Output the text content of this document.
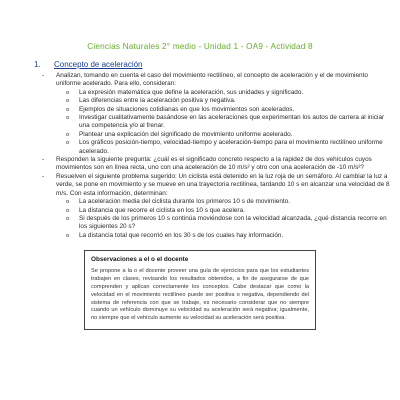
Ciencias Naturales 2° medio - Unidad 1 - OA9 - Actividad 8
1. Concepto de aceleración

- Analizan, tomando en cuenta el caso del movimiento rectilíneo, el concepto de aceleración y el de movimiento uniforme acelerado. Para ello, consideran:

o La expresión matemática que define la aceleración, sus unidades y significado.

o Las diferencias entre la aceleración positiva y negativa.

o Ejemplos de situaciones cotidianas en que los movimientos son acelerados.

o Investigar cualitativamente basándose en las aceleraciones que experimentan los autos de carrera al iniciar una competencia y/o al frenar.

o Plantear una explicación del significado de movimiento uniforme acelerado.

o Los gráficos posición-tiempo, velocidad-tiempo y aceleración-tiempo para el movimiento rectilíneo uniforme acelerado.

- Responden la siguiente pregunta: ¿cuál es el significado concreto respecto a la rapidez de dos vehículos cuyos movimientos son en línea recta, uno con una aceleración de 10 m/s² y otro con una aceleración de -10 m/s²?

- Resuelven el siguiente problema sugerido: Un ciclista está detenido en la luz roja de un semáforo. Al cambiar la luz a verde, se pone en movimiento y se mueve en una trayectoria rectilínea, tardando 10 s en alcanzar una velocidad de 8 m/s. Con esta información, determinan:

o La aceleración media del ciclista durante los primeros 10 s de movimiento.

o La distancia que recorre el ciclista en los 10 s que acelera.

o Si después de los primeros 10 s continúa moviéndose con la velocidad alcanzada, ¿qué distancia recorre en los siguientes 20 s?

o La distancia total que recorrió en los 30 s de los cuales hay información.

Observaciones a el o el docente

Se propone a la o el docente proveer una guía de ejercicios para que los estudiantes trabajen en clases, revisando los resultados obtenidos, a fin de asegurarse de que comprenden y aplican correctamente los conceptos. Cabe destacar que como la velocidad en el movimiento rectilíneo puede ser positiva o negativa, dependiendo del sistema de referencia con que se trabaje, es necesario considerar que no siempre cuando un vehículo disminuye su velocidad su aceleración será negativa; igualmente, no siempre que el vehículo aumente su velocidad su aceleración será positiva.
